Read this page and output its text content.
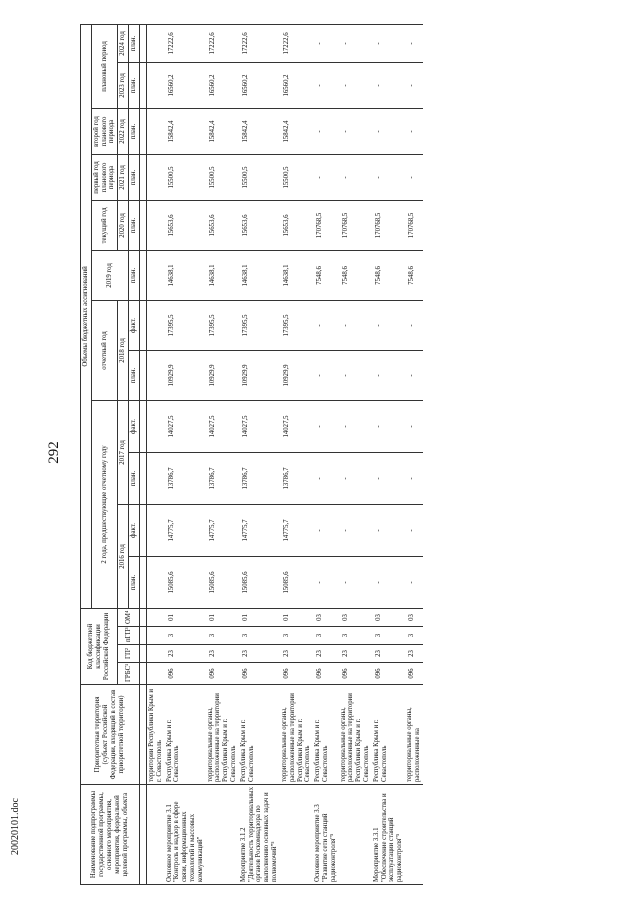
292
20020101.doc	Наименование подпрограммы государственной программы, основного мероприятия, мероприятия, федеральной целевой программы, объекта	Приоритетная территория (субъект Российской Федерации, входящий в состав приоритетной территории)	Код бюджетной классификации Российской Федерации				Объемы бюджетных ассигнований											
						2 года, предшествующие отчетному году				отчетный год		2019 год	текущий год	первый год планового периода	второй год планового периода	плановый период	
		ГРБС¹	ГП²	пГП³	ОМ⁴	2016 год		2017 год		2018 год			2020 год	2021 год	2022 год	2023 год	2024 год
						план.	факт.	план.	факт.	план.	факт.	план.	план.	план.	план.	план.	план.

	территории Республики Крым и г. Севастополь																
Основное мероприятие 3.1 "Контроль и надзор в сфере связи, информационных технологий и массовых коммуникаций"	Республика Крым и г. Севастополь	096	23	3	01	15085,6	14775,7	13786,7	14027,5	10929,9	17395,5	14638,1	15653,6	15500,5	15842,4	16560,2	17222,6
	территориальные органы, расположенные на территории Республики Крым и г. Севастополь	096	23	3	01	15085,6	14775,7	13786,7	14027,5	10929,9	17395,5	14638,1	15653,6	15500,5	15842,4	16560,2	17222,6
Мероприятие 3.1.2 "Деятельность территориальных органов Роскомнадзора по выполнению основных задач и полномочий"⁵	Республика Крым и г. Севастополь	096	23	3	01	15085,6	14775,7	13786,7	14027,5	10929,9	17395,5	14638,1	15653,6	15500,5	15842,4	16560,2	17222,6
	территориальные органы, расположенные на территории Республики Крым и г. Севастополь	096	23	3	01	15085,6	14775,7	13786,7	14027,5	10929,9	17395,5	14638,1	15653,6	15500,5	15842,4	16560,2	17222,6
Основное мероприятие 3.3 "Развитие сети станций радиоконтроля"⁵	Республика Крым и г. Севастополь	096	23	3	03	-	-	-	-	-	-	7548,6	170768,5	-	-	-	-
	территориальные органы, расположенные на территории Республики Крым и г. Севастополь	096	23	3	03	-	-	-	-	-	-	7548,6	170768,5	-	-	-	-
Мероприятие 3.3.1 "Обеспечение строительства и эксплуатации станций радиоконтроля"⁵	Республика Крым и г. Севастополь	096	23	3	03	-	-	-	-	-	-	7548,6	170768,5	-	-	-	-
	территориальные органы, расположенные на	096	23	3	03	-	-	-	-	-	-	7548,6	170768,5	-	-	-	-
